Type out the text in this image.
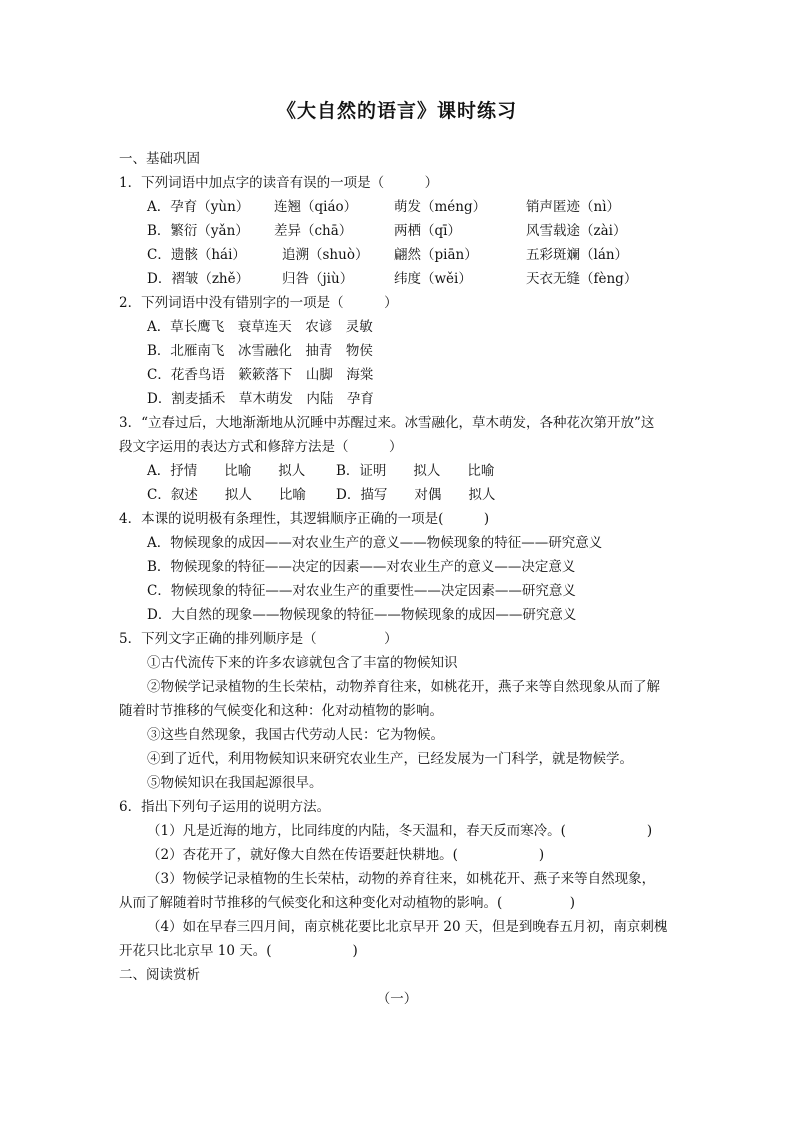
《大自然的语言》课时练习
一、基础巩固
1．下列词语中加点字的读音有误的一项是（　　　）
A．孕育（yùn） 连翘（qiáo）	萌发（méng）	销声匿迹（nì）
B．繁衍（yǎn） 差异（chā）	两栖（qī）	风雪载途（zài）
C．遗骸（hái）	追溯（shuò） 翩然（piān）	五彩斑斓（lán）
D．褶皱（zhě） 归咎（jiù）	纬度（wěi）	天衣无缝（fèng）
2．下列词语中没有错别字的一项是（　　　）
A．草长鹰飞　衰草连天　农谚　灵敏
B．北雁南飞　冰雪融化　抽青　物侯
C．花香鸟语　簌簌落下　山脚　海棠
D．割麦插禾　草木萌发　内陆　孕育
3．“立春过后，大地渐渐地从沉睡中苏醒过来。冰雪融化，草木萌发，各种花次第开放”这
段文字运用的表达方式和修辞方法是（　　　）
A．抒情　　比喻　　拟人 B．证明　　拟人　　比喻
C．叙述　　拟人　　比喻 D．描写　　对偶　　拟人
4．本课的说明极有条理性，其逻辑顺序正确的一项是(　　　)
A．物候现象的成因——对农业生产的意义——物候现象的特征——研究意义
B．物候现象的特征——决定的因素——对农业生产的意义——决定意义
C．物候现象的特征——对农业生产的重要性——决定因素——研究意义
D．大自然的现象——物候现象的特征——物候现象的成因——研究意义
5．下列文字正确的排列顺序是（　　　　　）
①古代流传下来的许多农谚就包含了丰富的物候知识
②物候学记录植物的生长荣枯，动物养育往来，如桃花开，燕子来等自然现象从而了解
随着时节推移的气候变化和这种：化对动植物的影响。
③这些自然现象，我国古代劳动人民：它为物候。
④到了近代，利用物候知识来研究农业生产，已经发展为一门科学，就是物候学。
⑤物候知识在我国起源很早。
6．指出下列句子运用的说明方法。
（1）凡是近海的地方，比同纬度的内陆，冬天温和，春天反而寒冷。(　　　　　　)
（2）杏花开了，就好像大自然在传语要赶快耕地。(　　　　　　)
（3）物候学记录植物的生长荣枯，动物的养育往来，如桃花开、燕子来等自然现象，
从而了解随着时节推移的气候变化和这种变化对动植物的影响。(　　　　　)
（4）如在早春三四月间，南京桃花要比北京早开 20 天，但是到晚春五月初，南京刺槐
开花只比北京早 10 天。(　　　　　　)
二、阅读赏析
（一）
